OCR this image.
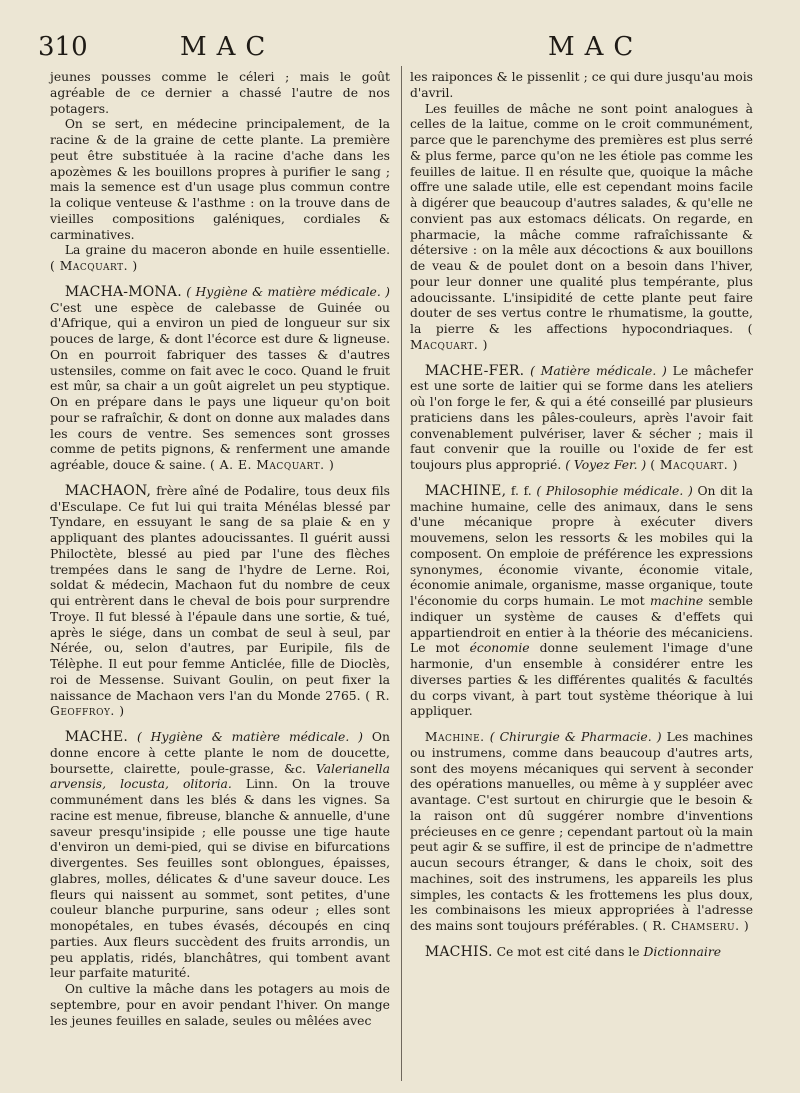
310	MAC	MAC

jeunes pousses comme le céleri ; mais le goût agréable de ce dernier a chassé l'autre de nos potagers.

On se sert, en médecine principalement, de la racine & de la graine de cette plante. La première peut être substituée à la racine d'ache dans les apozèmes & les bouillons propres à purifier le sang ; mais la semence est d'un usage plus commun contre la colique venteuse & l'asthme : on la trouve dans de vieilles compositions galéniques, cordiales & carminatives.

La graine du maceron abonde en huile essentielle. ( Macquart. )

MACHA-MONA. ( Hygiène & matière médicale. ) C'est une espèce de calebasse de Guinée ou d'Afrique, qui a environ un pied de longueur sur six pouces de large, & dont l'écorce est dure & ligneuse. On en pourroit fabriquer des tasses & d'autres ustensiles, comme on fait avec le coco. Quand le fruit est mûr, sa chair a un goût aigrelet un peu styptique. On en prépare dans le pays une liqueur qu'on boit pour se rafraîchir, & dont on donne aux malades dans les cours de ventre. Ses semences sont grosses comme de petits pignons, & renferment une amande agréable, douce & saine. ( A. E. Macquart. )

MACHAON, frère aîné de Podalire, tous deux fils d'Esculape. Ce fut lui qui traita Ménélas blessé par Tyndare, en essuyant le sang de sa plaie & en y appliquant des plantes adoucissantes. Il guérit aussi Philoctète, blessé au pied par l'une des flèches trempées dans le sang de l'hydre de Lerne. Roi, soldat & médecin, Machaon fut du nombre de ceux qui entrèrent dans le cheval de bois pour surprendre Troye. Il fut blessé à l'épaule dans une sortie, & tué, après le siége, dans un combat de seul à seul, par Nérée, ou, selon d'autres, par Euripile, fils de Télèphe. Il eut pour femme Anticlée, fille de Dioclès, roi de Messense. Suivant Goulin, on peut fixer la naissance de Machaon vers l'an du Monde 2765. ( R. Geoffroy. )

MACHE. ( Hygiène & matière médicale. ) On donne encore à cette plante le nom de doucette, boursette, clairette, poule-grasse, &c. Valerianella arvensis, locusta, olitoria. Linn. On la trouve communément dans les blés & dans les vignes. Sa racine est menue, fibreuse, blanche & annuelle, d'une saveur presqu'insipide ; elle pousse une tige haute d'environ un demi-pied, qui se divise en bifurcations divergentes. Ses feuilles sont oblongues, épaisses, glabres, molles, délicates & d'une saveur douce. Les fleurs qui naissent au sommet, sont petites, d'une couleur blanche purpurine, sans odeur ; elles sont monopétales, en tubes évasés, découpés en cinq parties. Aux fleurs succèdent des fruits arrondis, un peu applatis, ridés, blanchâtres, qui tombent avant leur parfaite maturité.

On cultive la mâche dans les potagers au mois de septembre, pour en avoir pendant l'hiver. On mange les jeunes feuilles en salade, seules ou mêlées avec

les raiponces & le pissenlit ; ce qui dure jusqu'au mois d'avril.

Les feuilles de mâche ne sont point analogues à celles de la laitue, comme on le croit communément, parce que le parenchyme des premières est plus serré & plus ferme, parce qu'on ne les étiole pas comme les feuilles de laitue. Il en résulte que, quoique la mâche offre une salade utile, elle est cependant moins facile à digérer que beaucoup d'autres salades, & qu'elle ne convient pas aux estomacs délicats. On regarde, en pharmacie, la mâche comme rafraîchissante & détersive : on la mêle aux décoctions & aux bouillons de veau & de poulet dont on a besoin dans l'hiver, pour leur donner une qualité plus tempérante, plus adoucissante. L'insipidité de cette plante peut faire douter de ses vertus contre le rhumatisme, la goutte, la pierre & les affections hypocondriaques. ( Macquart. )

MACHE-FER. ( Matière médicale. ) Le mâchefer est une sorte de laitier qui se forme dans les ateliers où l'on forge le fer, & qui a été conseillé par plusieurs praticiens dans les pâles-couleurs, après l'avoir fait convenablement pulvériser, laver & sécher ; mais il faut convenir que la rouille ou l'oxide de fer est toujours plus approprié. ( Voyez Fer. ) ( Macquart. )

MACHINE, f. f. ( Philosophie médicale. ) On dit la machine humaine, celle des animaux, dans le sens d'une mécanique propre à exécuter divers mouvemens, selon les ressorts & les mobiles qui la composent. On emploie de préférence les expressions synonymes, économie vivante, économie vitale, économie animale, organisme, masse organique, toute l'économie du corps humain. Le mot machine semble indiquer un système de causes & d'effets qui appartiendroit en entier à la théorie des mécaniciens. Le mot économie donne seulement l'image d'une harmonie, d'un ensemble à considérer entre les diverses parties & les différentes qualités & facultés du corps vivant, à part tout système théorique à lui appliquer.

Machine. ( Chirurgie & Pharmacie. ) Les machines ou instrumens, comme dans beaucoup d'autres arts, sont des moyens mécaniques qui servent à seconder des opérations manuelles, ou même à y suppléer avec avantage. C'est surtout en chirurgie que le besoin & la raison ont dû suggérer nombre d'inventions précieuses en ce genre ; cependant partout où la main peut agir & se suffire, il est de principe de n'admettre aucun secours étranger, & dans le choix, soit des machines, soit des instrumens, les appareils les plus simples, les contacts & les frottemens les plus doux, les combinaisons les mieux appropriées à l'adresse des mains sont toujours préférables. ( R. Chamseru. )

MACHIS. Ce mot est cité dans le Dictionnaire
